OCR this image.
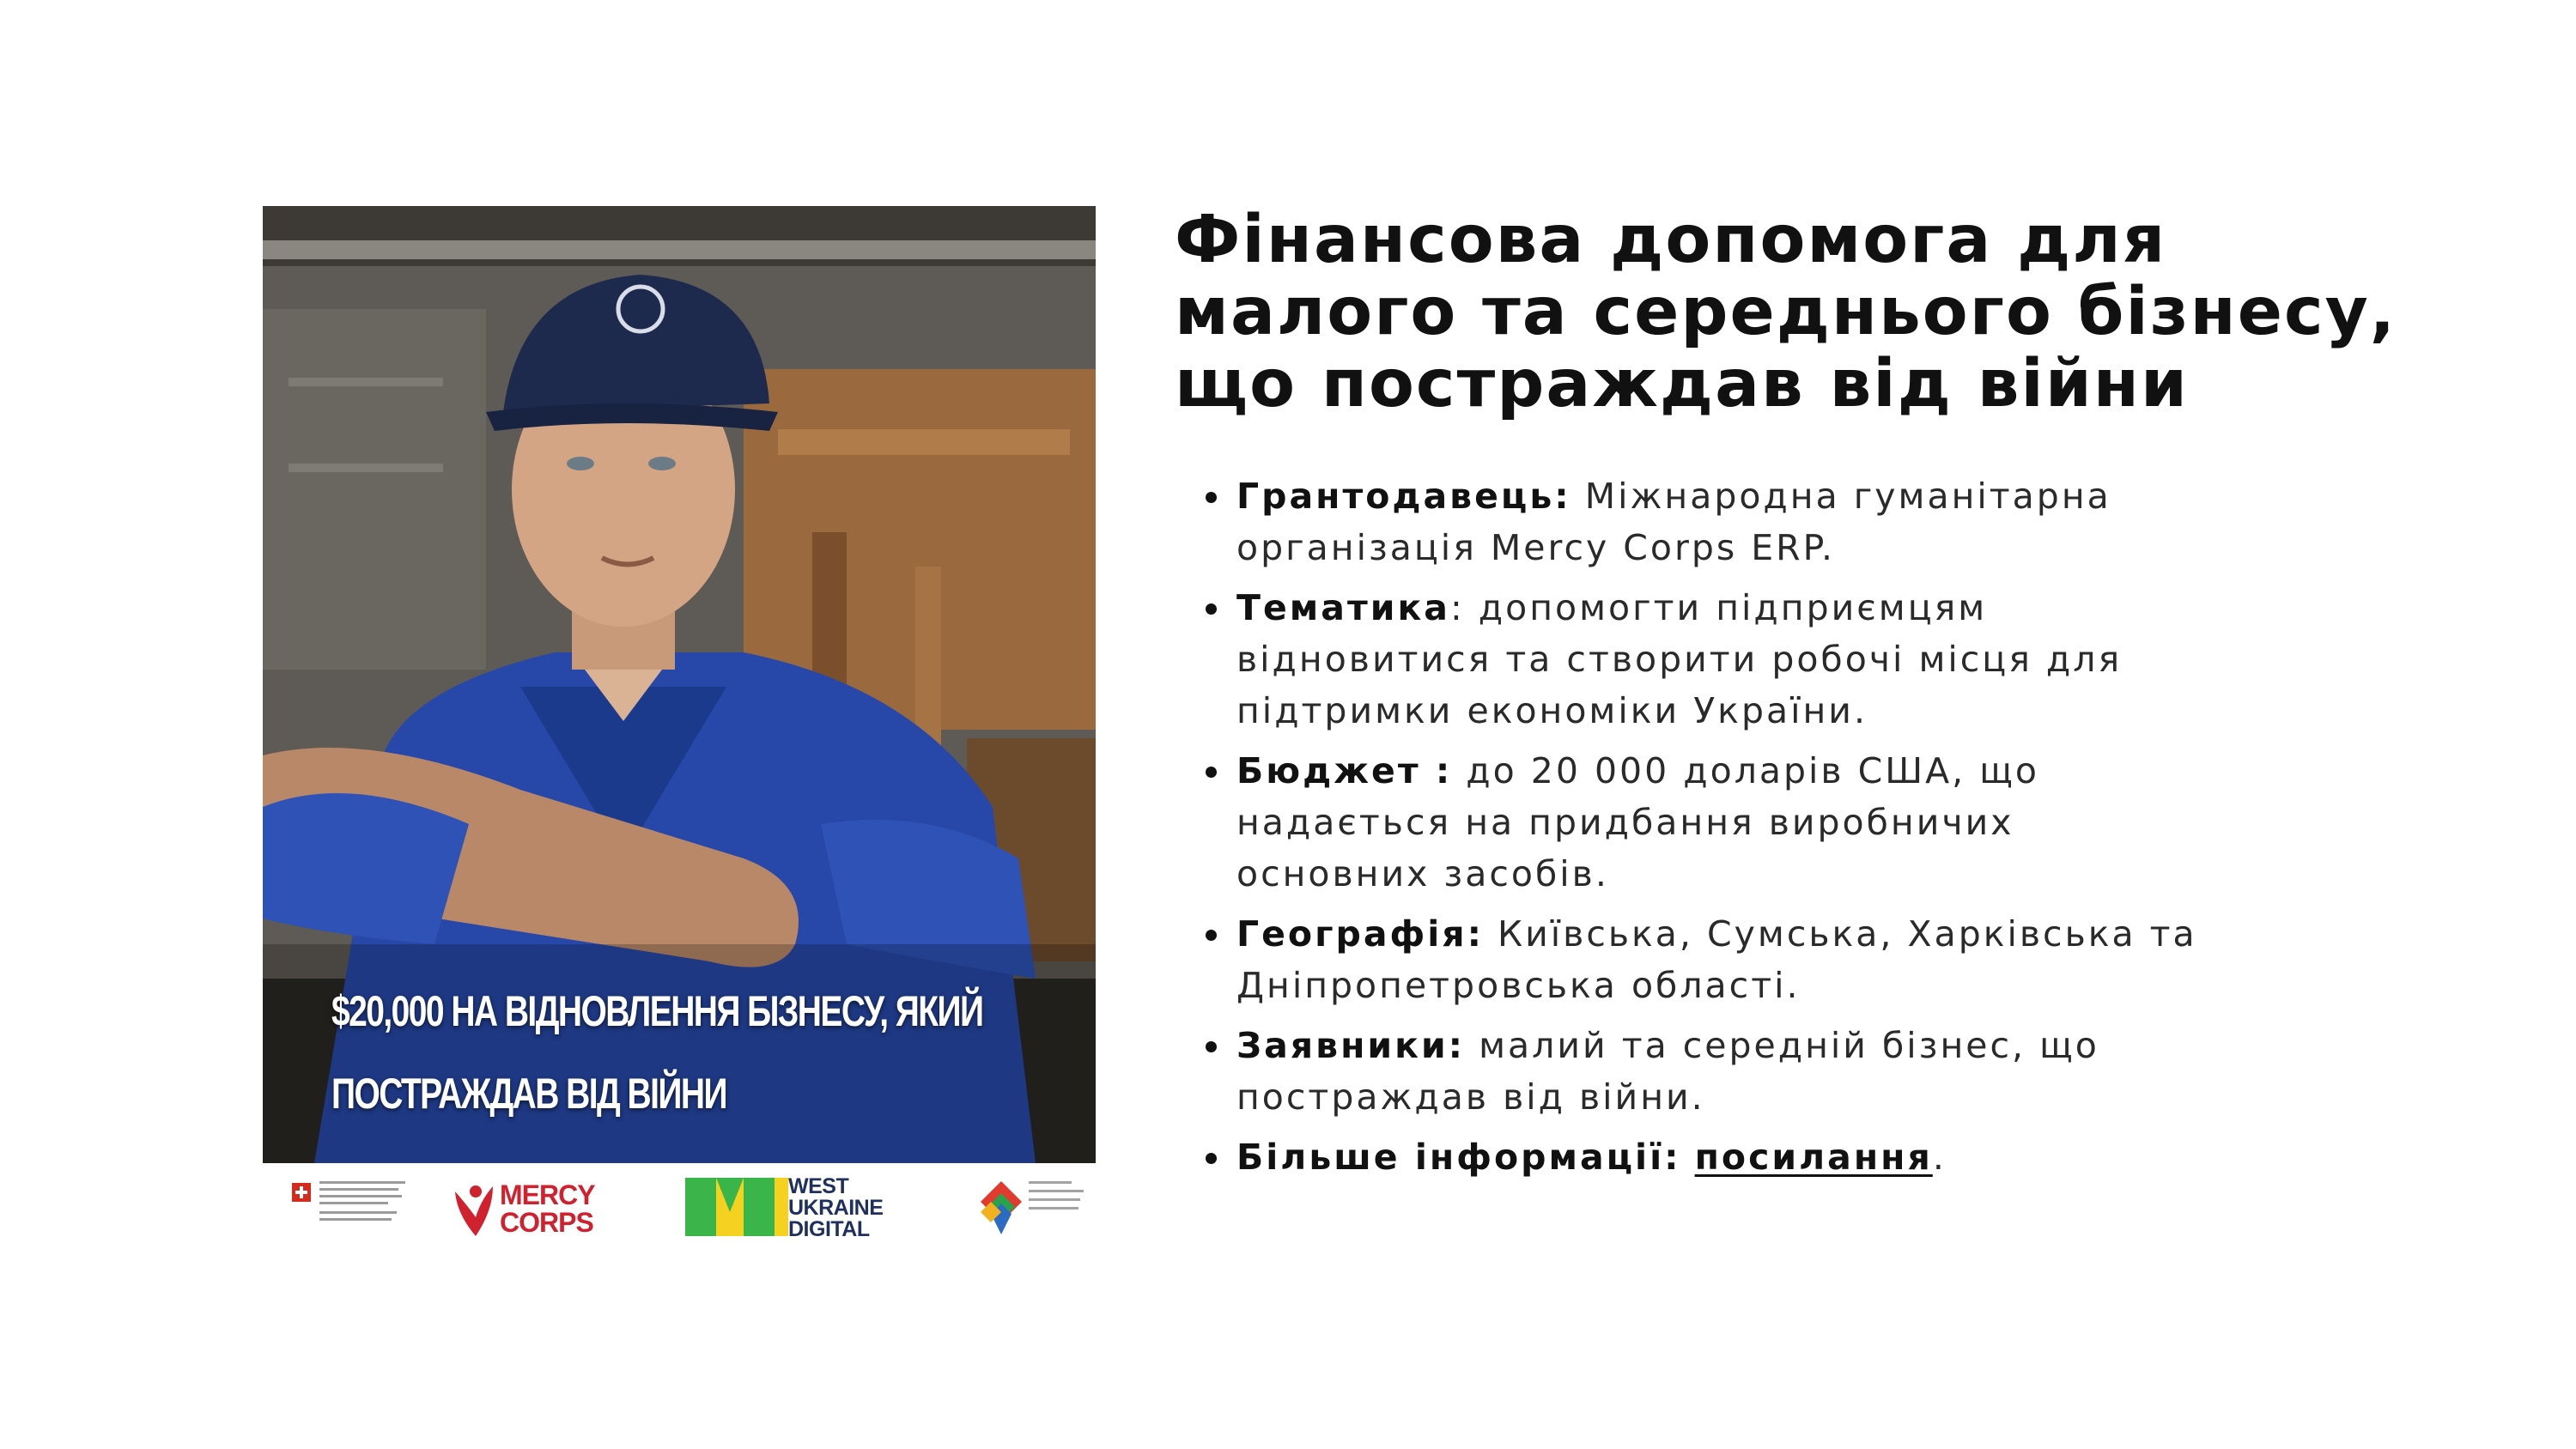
$20,000 НА ВІДНОВЛЕННЯ БІЗНЕСУ, ЯКИЙ
ПОСТРАЖДАВ ВІД ВІЙНИ
MERCY
CORPS
WEST
UKRAINE
DIGITAL
Фінансова допомога для
малого та середнього бізнесу,
що постраждав від війни
Грантодавець: Міжнародна гуманітарна
організація Mercy Corps ERP.
Тематика: допомогти підприємцям
відновитися та створити робочі місця для
підтримки економіки України.
Бюджет : до 20 000 доларів США, що
надається на придбання виробничих
основних засобів.
Географія: Київська, Сумська, Харківська та
Дніпропетровська області.
Заявники: малий та середній бізнес, що
постраждав від війни.
Більше інформації: посилання.
